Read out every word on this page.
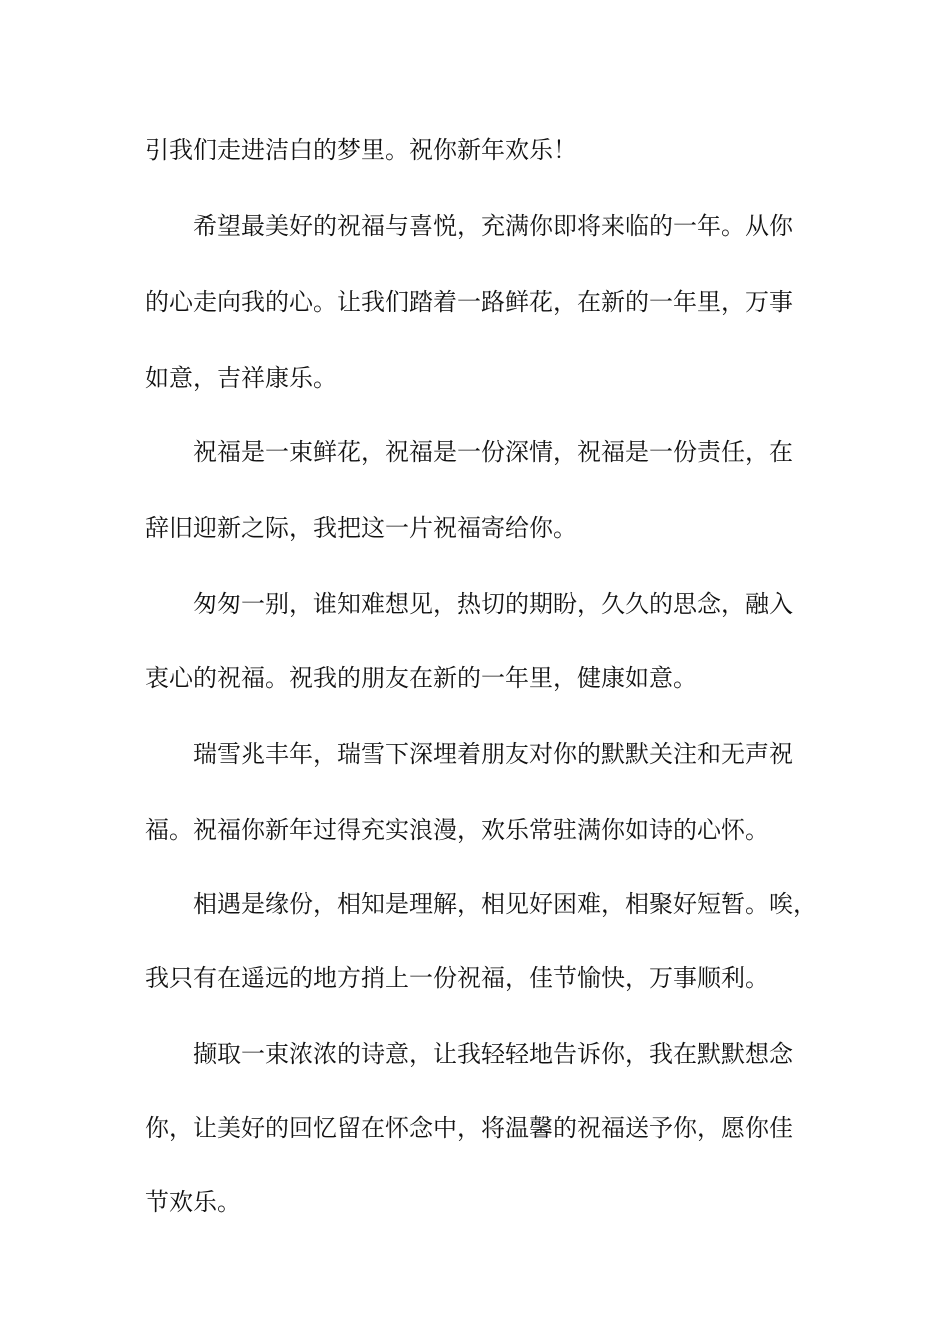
引我们走进洁白的梦里。祝你新年欢乐！
希望最美好的祝福与喜悦，充满你即将来临的一年。从你
的心走向我的心。让我们踏着一路鲜花，在新的一年里，万事
如意，吉祥康乐。
祝福是一束鲜花，祝福是一份深情，祝福是一份责任，在
辞旧迎新之际，我把这一片祝福寄给你。
匆匆一别，谁知难想见，热切的期盼，久久的思念，融入
衷心的祝福。祝我的朋友在新的一年里，健康如意。
瑞雪兆丰年，瑞雪下深埋着朋友对你的默默关注和无声祝
福。祝福你新年过得充实浪漫，欢乐常驻满你如诗的心怀。
相遇是缘份，相知是理解，相见好困难，相聚好短暂。唉，
我只有在遥远的地方捎上一份祝福，佳节愉快，万事顺利。
撷取一束浓浓的诗意，让我轻轻地告诉你，我在默默想念
你，让美好的回忆留在怀念中，将温馨的祝福送予你，愿你佳
节欢乐。
